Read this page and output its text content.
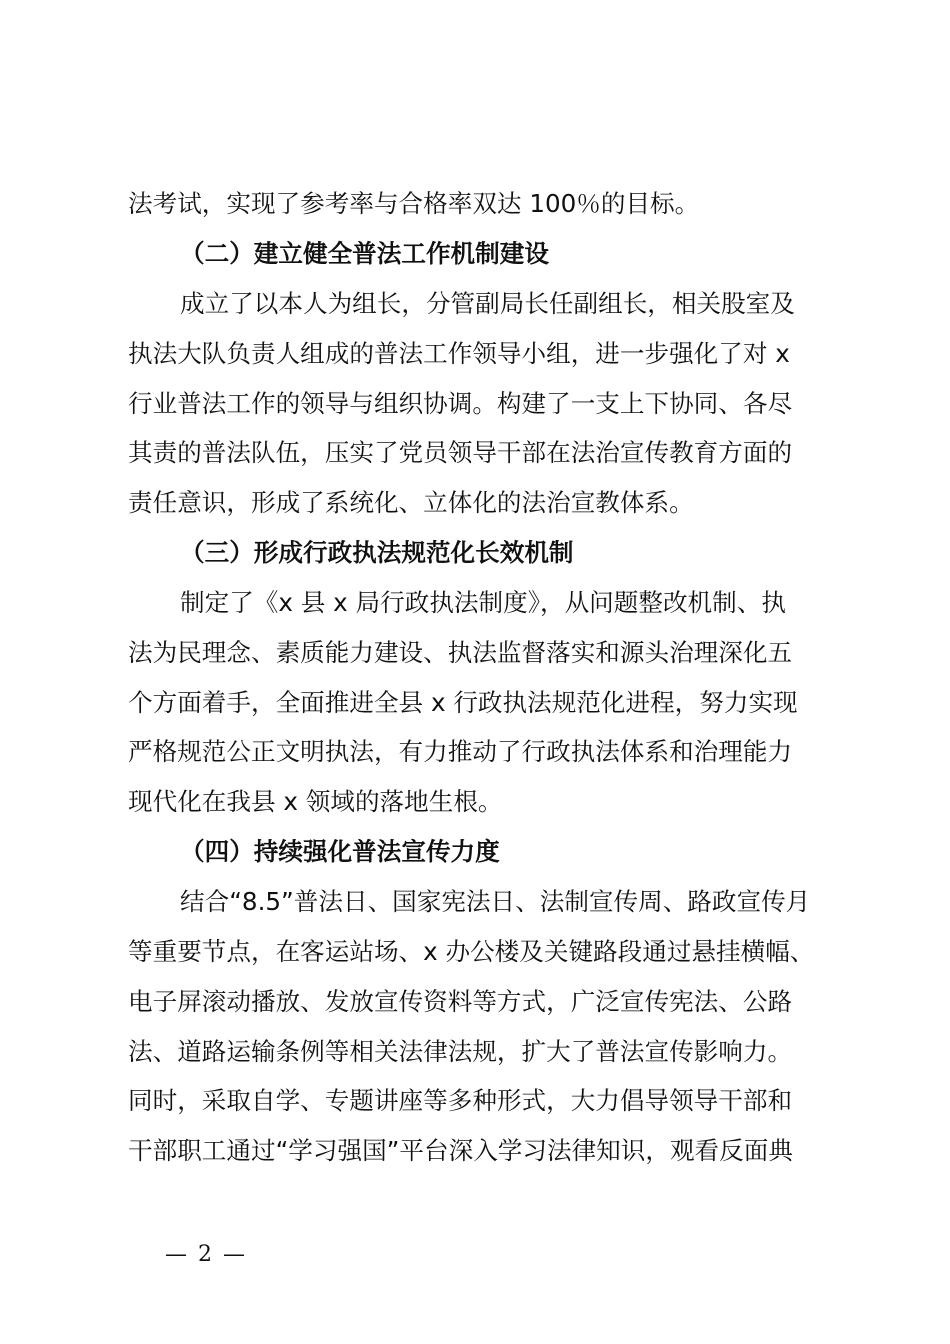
法考试，实现了参考率与合格率双达 100％的目标。

（二）建立健全普法工作机制建设

成立了以本人为组长，分管副局长任副组长，相关股室及

执法大队负责人组成的普法工作领导小组，进一步强化了对 x

行业普法工作的领导与组织协调。构建了一支上下协同、各尽

其责的普法队伍，压实了党员领导干部在法治宣传教育方面的

责任意识，形成了系统化、立体化的法治宣教体系。

（三）形成行政执法规范化长效机制

制定了《x 县 x 局行政执法制度》，从问题整改机制、执

法为民理念、素质能力建设、执法监督落实和源头治理深化五

个方面着手，全面推进全县 x 行政执法规范化进程，努力实现

严格规范公正文明执法，有力推动了行政执法体系和治理能力

现代化在我县 x 领域的落地生根。

（四）持续强化普法宣传力度

结合“8.5”普法日、国家宪法日、法制宣传周、路政宣传月

等重要节点，在客运站场、x 办公楼及关键路段通过悬挂横幅、

电子屏滚动播放、发放宣传资料等方式，广泛宣传宪法、公路

法、道路运输条例等相关法律法规，扩大了普法宣传影响力。

同时，采取自学、专题讲座等多种形式，大力倡导领导干部和

干部职工通过“学习强国”平台深入学习法律知识，观看反面典

— 2 —
